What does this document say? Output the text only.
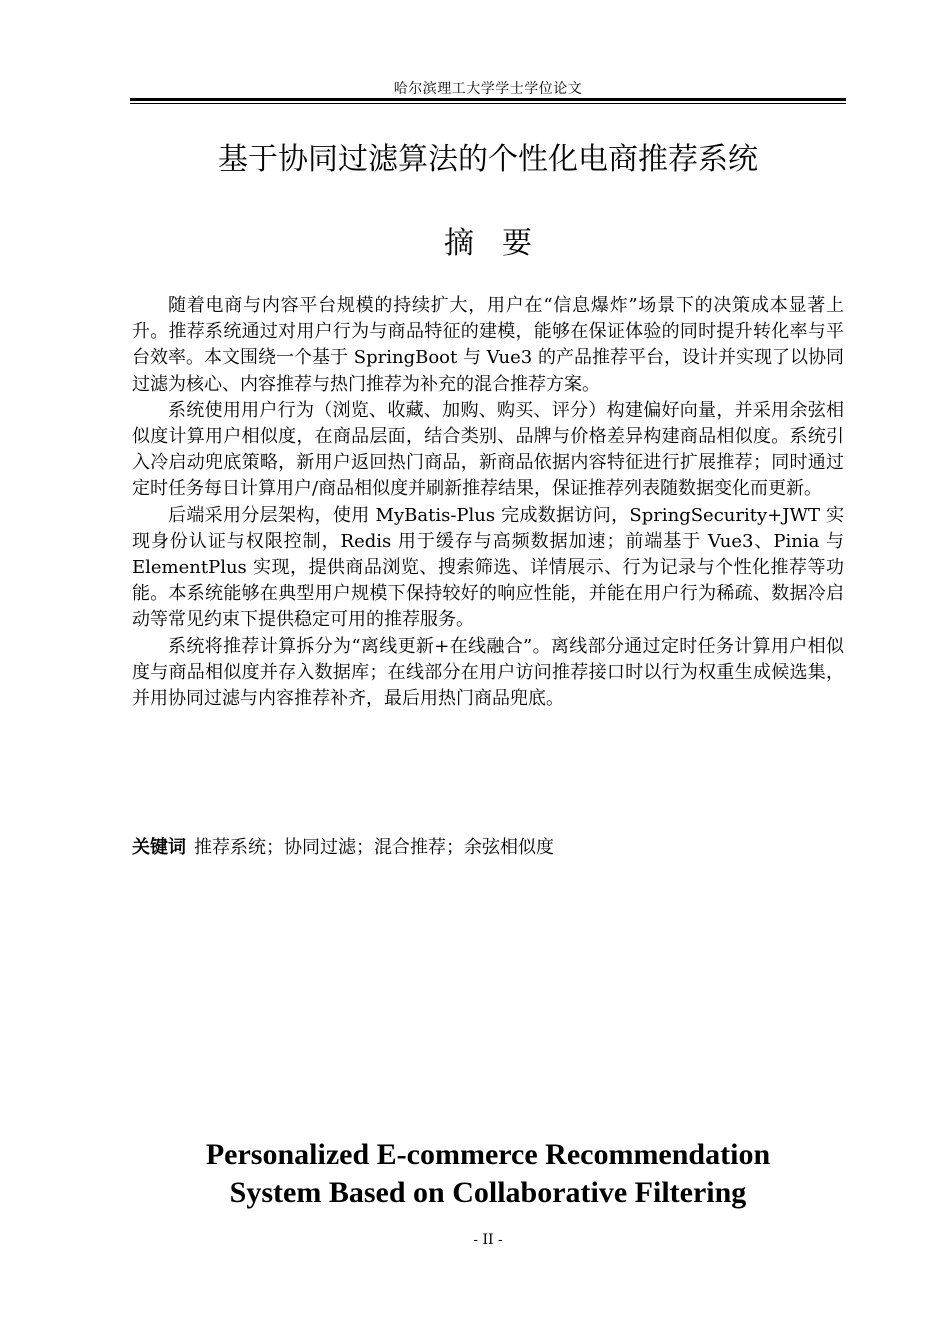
哈尔滨理工大学学士学位论文
基于协同过滤算法的个性化电商推荐系统
摘要

随着电商与内容平台规模的持续扩大，用户在“信息爆炸”场景下的决策成本显著上升。推荐系统通过对用户行为与商品特征的建模，能够在保证体验的同时提升转化率与平台效率。本文围绕一个基于 SpringBoot 与 Vue3 的产品推荐平台，设计并实现了以协同过滤为核心、内容推荐与热门推荐为补充的混合推荐方案。

系统使用用户行为（浏览、收藏、加购、购买、评分）构建偏好向量，并采用余弦相似度计算用户相似度，在商品层面，结合类别、品牌与价格差异构建商品相似度。系统引入冷启动兜底策略，新用户返回热门商品，新商品依据内容特征进行扩展推荐；同时通过定时任务每日计算用户/商品相似度并刷新推荐结果，保证推荐列表随数据变化而更新。

后端采用分层架构，使用 MyBatis-Plus 完成数据访问，SpringSecurity+JWT 实现身份认证与权限控制，Redis 用于缓存与高频数据加速；前端基于 Vue3、Pinia 与 ElementPlus 实现，提供商品浏览、搜索筛选、详情展示、行为记录与个性化推荐等功能。本系统能够在典型用户规模下保持较好的响应性能，并能在用户行为稀疏、数据冷启动等常见约束下提供稳定可用的推荐服务。

系统将推荐计算拆分为“离线更新+在线融合”。离线部分通过定时任务计算用户相似度与商品相似度并存入数据库；在线部分在用户访问推荐接口时以行为权重生成候选集，并用协同过滤与内容推荐补齐，最后用热门商品兜底。

关键词 推荐系统；协同过滤；混合推荐；余弦相似度
Personalized E-commerce Recommendation
System Based on Collaborative Filtering
- II -
